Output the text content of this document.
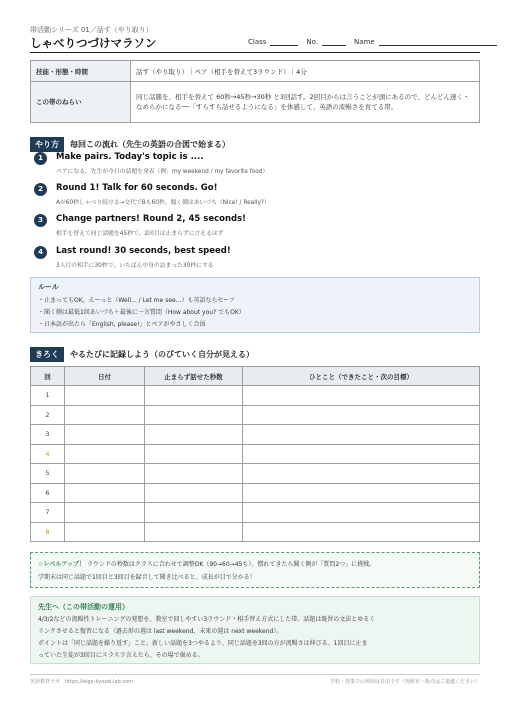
帯活動シリーズ 01／話す（やり取り）
しゃべりつづけマラソン	Class	No.	Name
技能・形態・時間	話す（やり取り）｜ペア（相手を替えて3ラウンド）｜4分
この帯のねらい	同じ話題を、相手を替えて 60秒→45秒→30秒 と3回話す。2回目からは言うことが頭にあるので、どんどん速く・なめらかになる──「すらすら話せるようになる」を体感して、英語の流暢さを育てる帯。
やり方	毎回この流れ（先生の英語の合図で始まる）
1	Make pairs. Today's topic is ....
ペアになる。先生が今日の話題を発表（例：my weekend / my favorite food）
2	Round 1! Talk for 60 seconds. Go!
Aが60秒しゃべり続ける→交代でBも60秒。聞く側はあいづち（Nice! / Really?）
3	Change partners! Round 2, 45 seconds!
相手を替えて同じ話題を45秒で。2回目は止まらずに言えるはず
4	Last round! 30 seconds, best speed!
3人目の相手に30秒で。いちばん中身の詰まった30秒にする
ルール
・止まってもOK。えーっと（Well... / Let me see...）も英語ならセーフ
・聞く側は最低1回あいづち＋最後に一言質問（How about you? でもOK）
・日本語が出たら「English, please!」とペアがやさしく合図
きろく	やるたびに記録しよう（のびていく自分が見える）
回	日付	止まらず話せた秒数	ひとこと（できたこと・次の目標）
1			
2			
3			
4			
5			
6			
7			
8			
☆レベルアップ！ ラウンドの秒数はクラスに合わせて調整OK（90→60→45も）。慣れてきたら聞く側が「質問2つ」に挑戦。
学期末は同じ話題で1回目と3回目を録音して聞き比べると、成長が目で分かる！
先生へ（この帯活動の運用）
4/3/2などの流暢性トレーニングの発想を、教室で回しやすい3ラウンド・相手替え方式にした帯。話題は既習の文法とゆるく
リンクさせると復習になる（過去形の週は last weekend、未来の週は next weekend）。
ポイントは「同じ話題を繰り返す」こと。新しい話題を3つやるより、同じ話題を3回の方が流暢さは伸びる。1回目に止ま
っていた生徒が3回目にスラスラ言えたら、その場で褒める。
英語教材ラボ　https://eigo-kyozai-lab.com	学校・授業での利用は自由です（再配布・販売はご遠慮ください）
